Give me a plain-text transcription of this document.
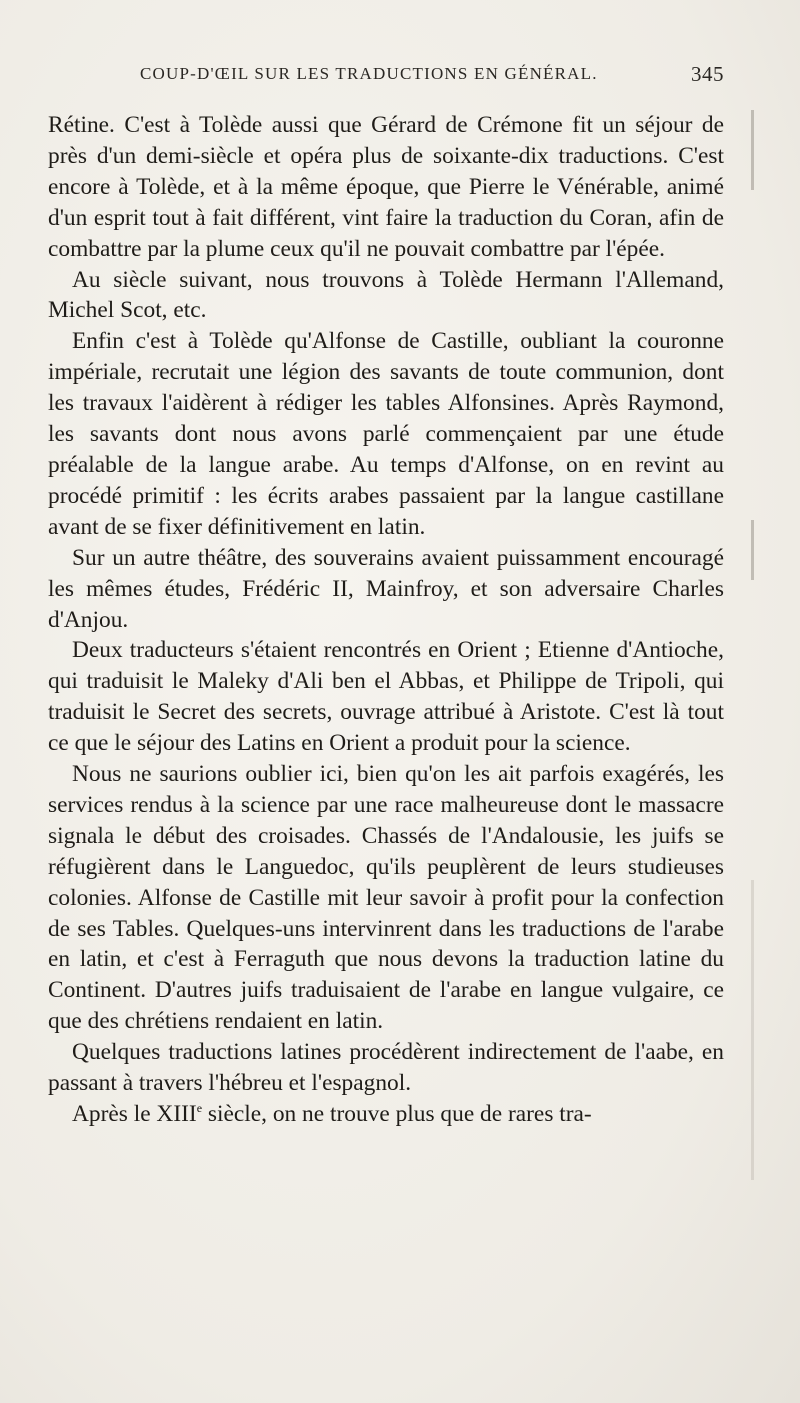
COUP-D'ŒIL SUR LES TRADUCTIONS EN GÉNÉRAL.	345

Rétine. C'est à Tolède aussi que Gérard de Crémone fit un séjour de près d'un demi-siècle et opéra plus de soixante-dix traductions. C'est encore à Tolède, et à la même époque, que Pierre le Vénérable, animé d'un esprit tout à fait différent, vint faire la traduction du Coran, afin de combattre par la plume ceux qu'il ne pouvait combattre par l'épée.

Au siècle suivant, nous trouvons à Tolède Hermann l'Allemand, Michel Scot, etc.

Enfin c'est à Tolède qu'Alfonse de Castille, oubliant la couronne impériale, recrutait une légion des savants de toute communion, dont les travaux l'aidèrent à rédiger les tables Alfonsines. Après Raymond, les savants dont nous avons parlé commençaient par une étude préalable de la langue arabe. Au temps d'Alfonse, on en revint au procédé primitif : les écrits arabes passaient par la langue castillane avant de se fixer définitivement en latin.

Sur un autre théâtre, des souverains avaient puissamment encouragé les mêmes études, Frédéric II, Mainfroy, et son adversaire Charles d'Anjou.

Deux traducteurs s'étaient rencontrés en Orient ; Etienne d'Antioche, qui traduisit le Maleky d'Ali ben el Abbas, et Philippe de Tripoli, qui traduisit le Secret des secrets, ouvrage attribué à Aristote. C'est là tout ce que le séjour des Latins en Orient a produit pour la science.

Nous ne saurions oublier ici, bien qu'on les ait parfois exagérés, les services rendus à la science par une race malheureuse dont le massacre signala le début des croisades. Chassés de l'Andalousie, les juifs se réfugièrent dans le Languedoc, qu'ils peuplèrent de leurs studieuses colonies. Alfonse de Castille mit leur savoir à profit pour la confection de ses Tables. Quelques-uns intervinrent dans les traductions de l'arabe en latin, et c'est à Ferraguth que nous devons la traduction latine du Continent. D'autres juifs traduisaient de l'arabe en langue vulgaire, ce que des chrétiens rendaient en latin.

Quelques traductions latines procédèrent indirectement de l'aabe, en passant à travers l'hébreu et l'espagnol.

Après le XIIIe siècle, on ne trouve plus que de rares tra-
